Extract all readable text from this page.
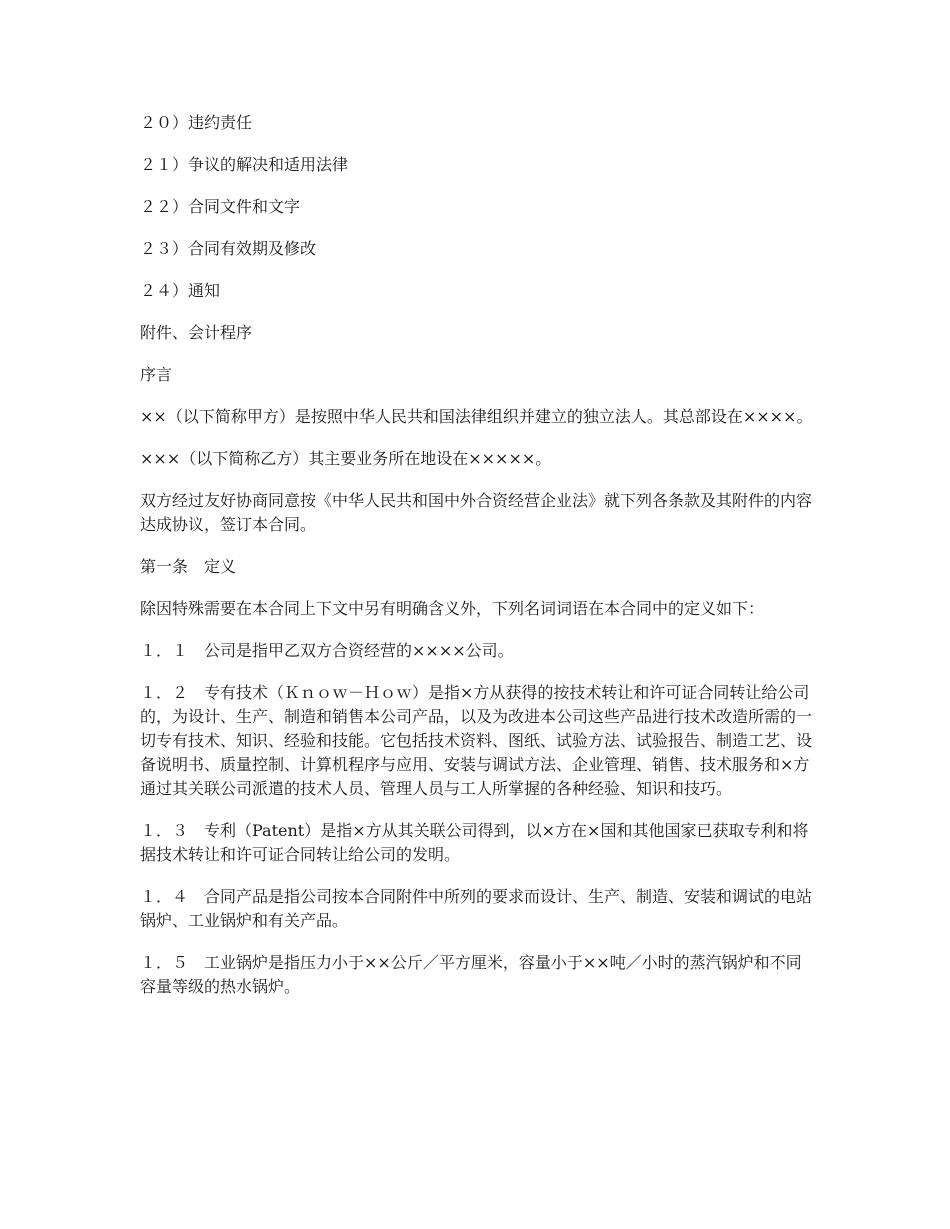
２０）违约责任

２１）争议的解决和适用法律

２２）合同文件和文字

２３）合同有效期及修改

２４）通知

附件、会计程序

序言

××（以下简称甲方）是按照中华人民共和国法律组织并建立的独立法人。其总部设在××××。

×××（以下简称乙方）其主要业务所在地设在×××××。

双方经过友好协商同意按《中华人民共和国中外合资经营企业法》就下列各条款及其附件的内容达成协议，签订本合同。

第一条　定义

除因特殊需要在本合同上下文中另有明确含义外，下列名词词语在本合同中的定义如下：

１．１　公司是指甲乙双方合资经营的××××公司。

１．２　专有技术（Ｋｎｏｗ－Ｈｏｗ）是指×方从获得的按技术转让和许可证合同转让给公司的，为设计、生产、制造和销售本公司产品，以及为改进本公司这些产品进行技术改造所需的一切专有技术、知识、经验和技能。它包括技术资料、图纸、试验方法、试验报告、制造工艺、设备说明书、质量控制、计算机程序与应用、安装与调试方法、企业管理、销售、技术服务和×方通过其关联公司派遣的技术人员、管理人员与工人所掌握的各种经验、知识和技巧。

１．３　专利（Patent）是指×方从其关联公司得到，以×方在×国和其他国家已获取专利和将据技术转让和许可证合同转让给公司的发明。

１．４　合同产品是指公司按本合同附件中所列的要求而设计、生产、制造、安装和调试的电站锅炉、工业锅炉和有关产品。

１．５　工业锅炉是指压力小于××公斤／平方厘米，容量小于××吨／小时的蒸汽锅炉和不同容量等级的热水锅炉。
